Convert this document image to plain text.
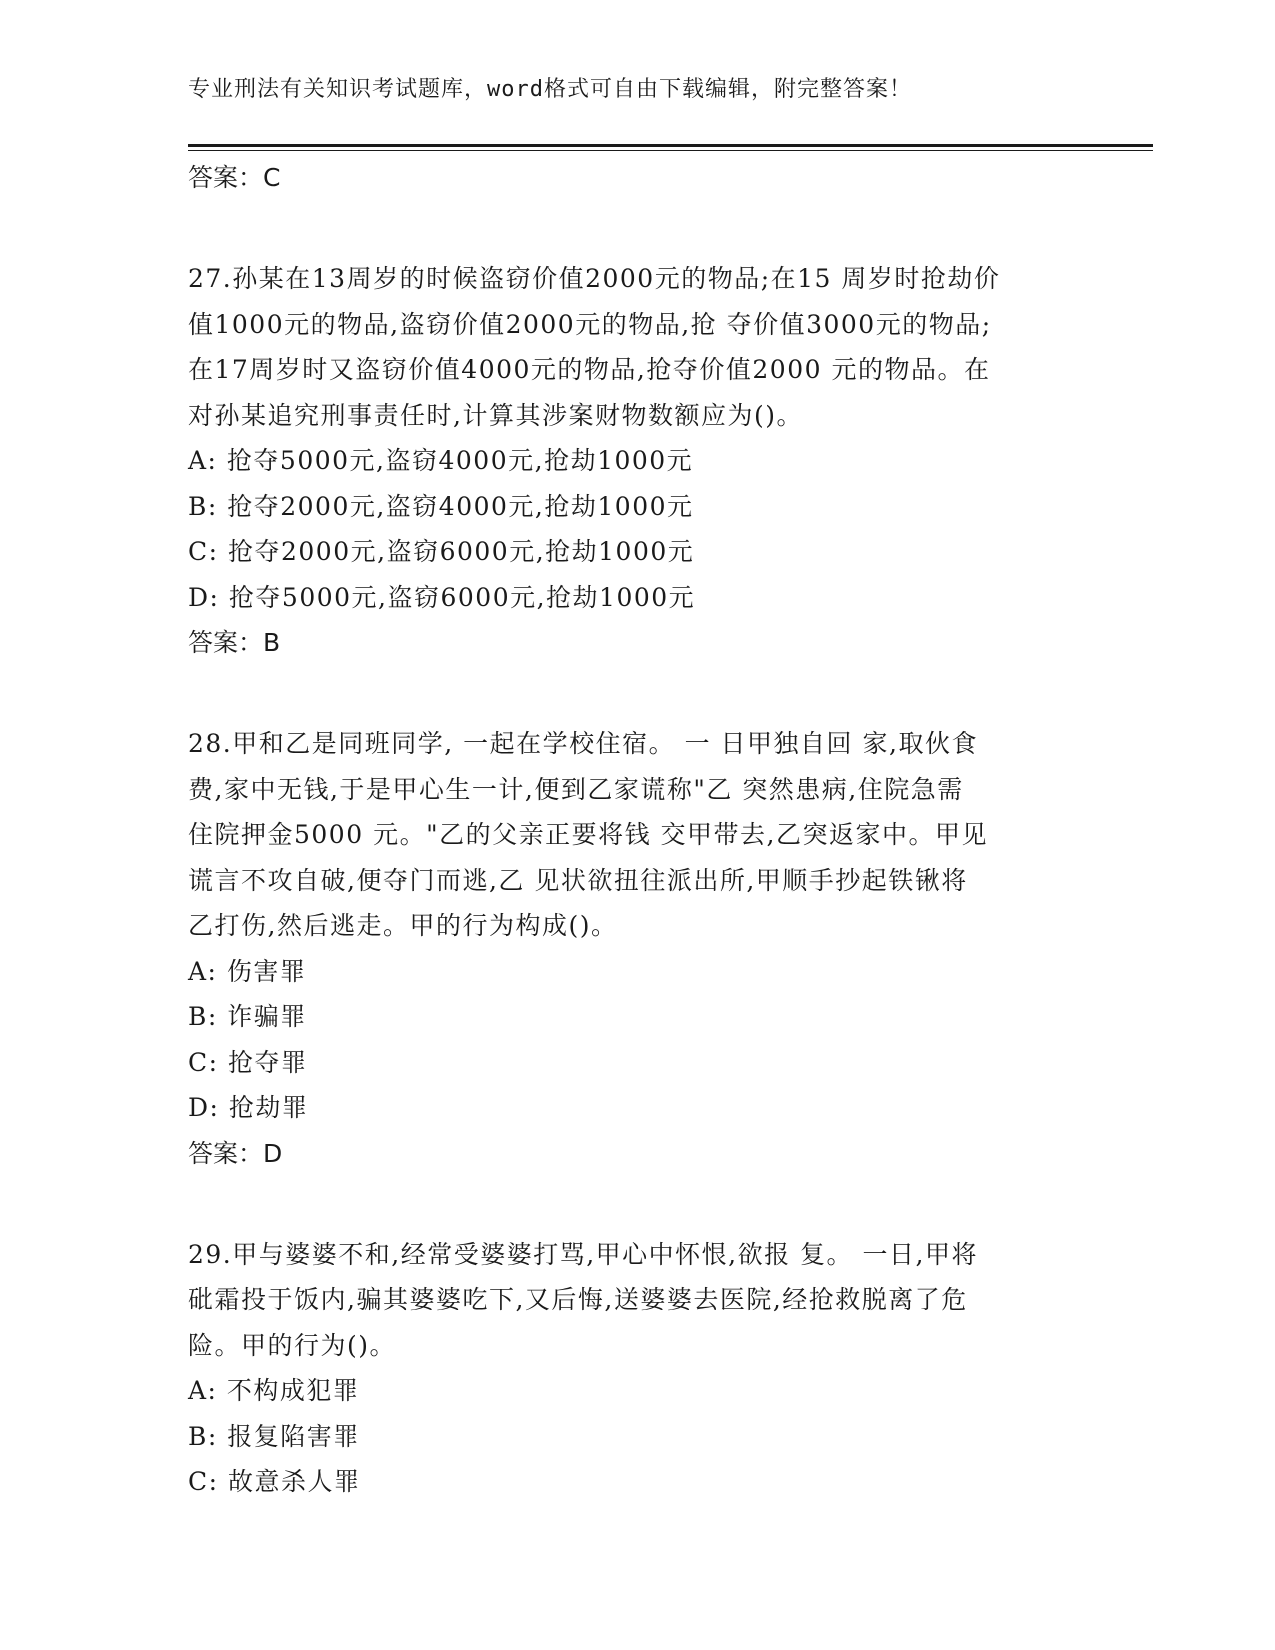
专业刑法有关知识考试题库，word格式可自由下载编辑，附完整答案！
答案：C
27.孙某在13周岁的时候盗窃价值2000元的物品;在15 周岁时抢劫价
值1000元的物品,盗窃价值2000元的物品,抢 夺价值3000元的物品;
在17周岁时又盗窃价值4000元的物品,抢夺价值2000 元的物品。在
对孙某追究刑事责任时,计算其涉案财物数额应为()。
A: 抢夺5000元,盗窃4000元,抢劫1000元
B: 抢夺2000元,盗窃4000元,抢劫1000元
C: 抢夺2000元,盗窃6000元,抢劫1000元
D: 抢夺5000元,盗窃6000元,抢劫1000元
答案：B
28.甲和乙是同班同学, 一起在学校住宿。 一 日甲独自回 家,取伙食
费,家中无钱,于是甲心生一计,便到乙家谎称"乙 突然患病,住院急需
住院押金5000 元。"乙的父亲正要将钱 交甲带去,乙突返家中。甲见
谎言不攻自破,便夺门而逃,乙 见状欲扭往派出所,甲顺手抄起铁锹将
乙打伤,然后逃走。甲的行为构成()。
A: 伤害罪
B: 诈骗罪
C: 抢夺罪
D: 抢劫罪
答案：D
29.甲与婆婆不和,经常受婆婆打骂,甲心中怀恨,欲报 复。 一日,甲将
砒霜投于饭内,骗其婆婆吃下,又后悔,送婆婆去医院,经抢救脱离了危
险。甲的行为()。
A: 不构成犯罪
B: 报复陷害罪
C: 故意杀人罪
